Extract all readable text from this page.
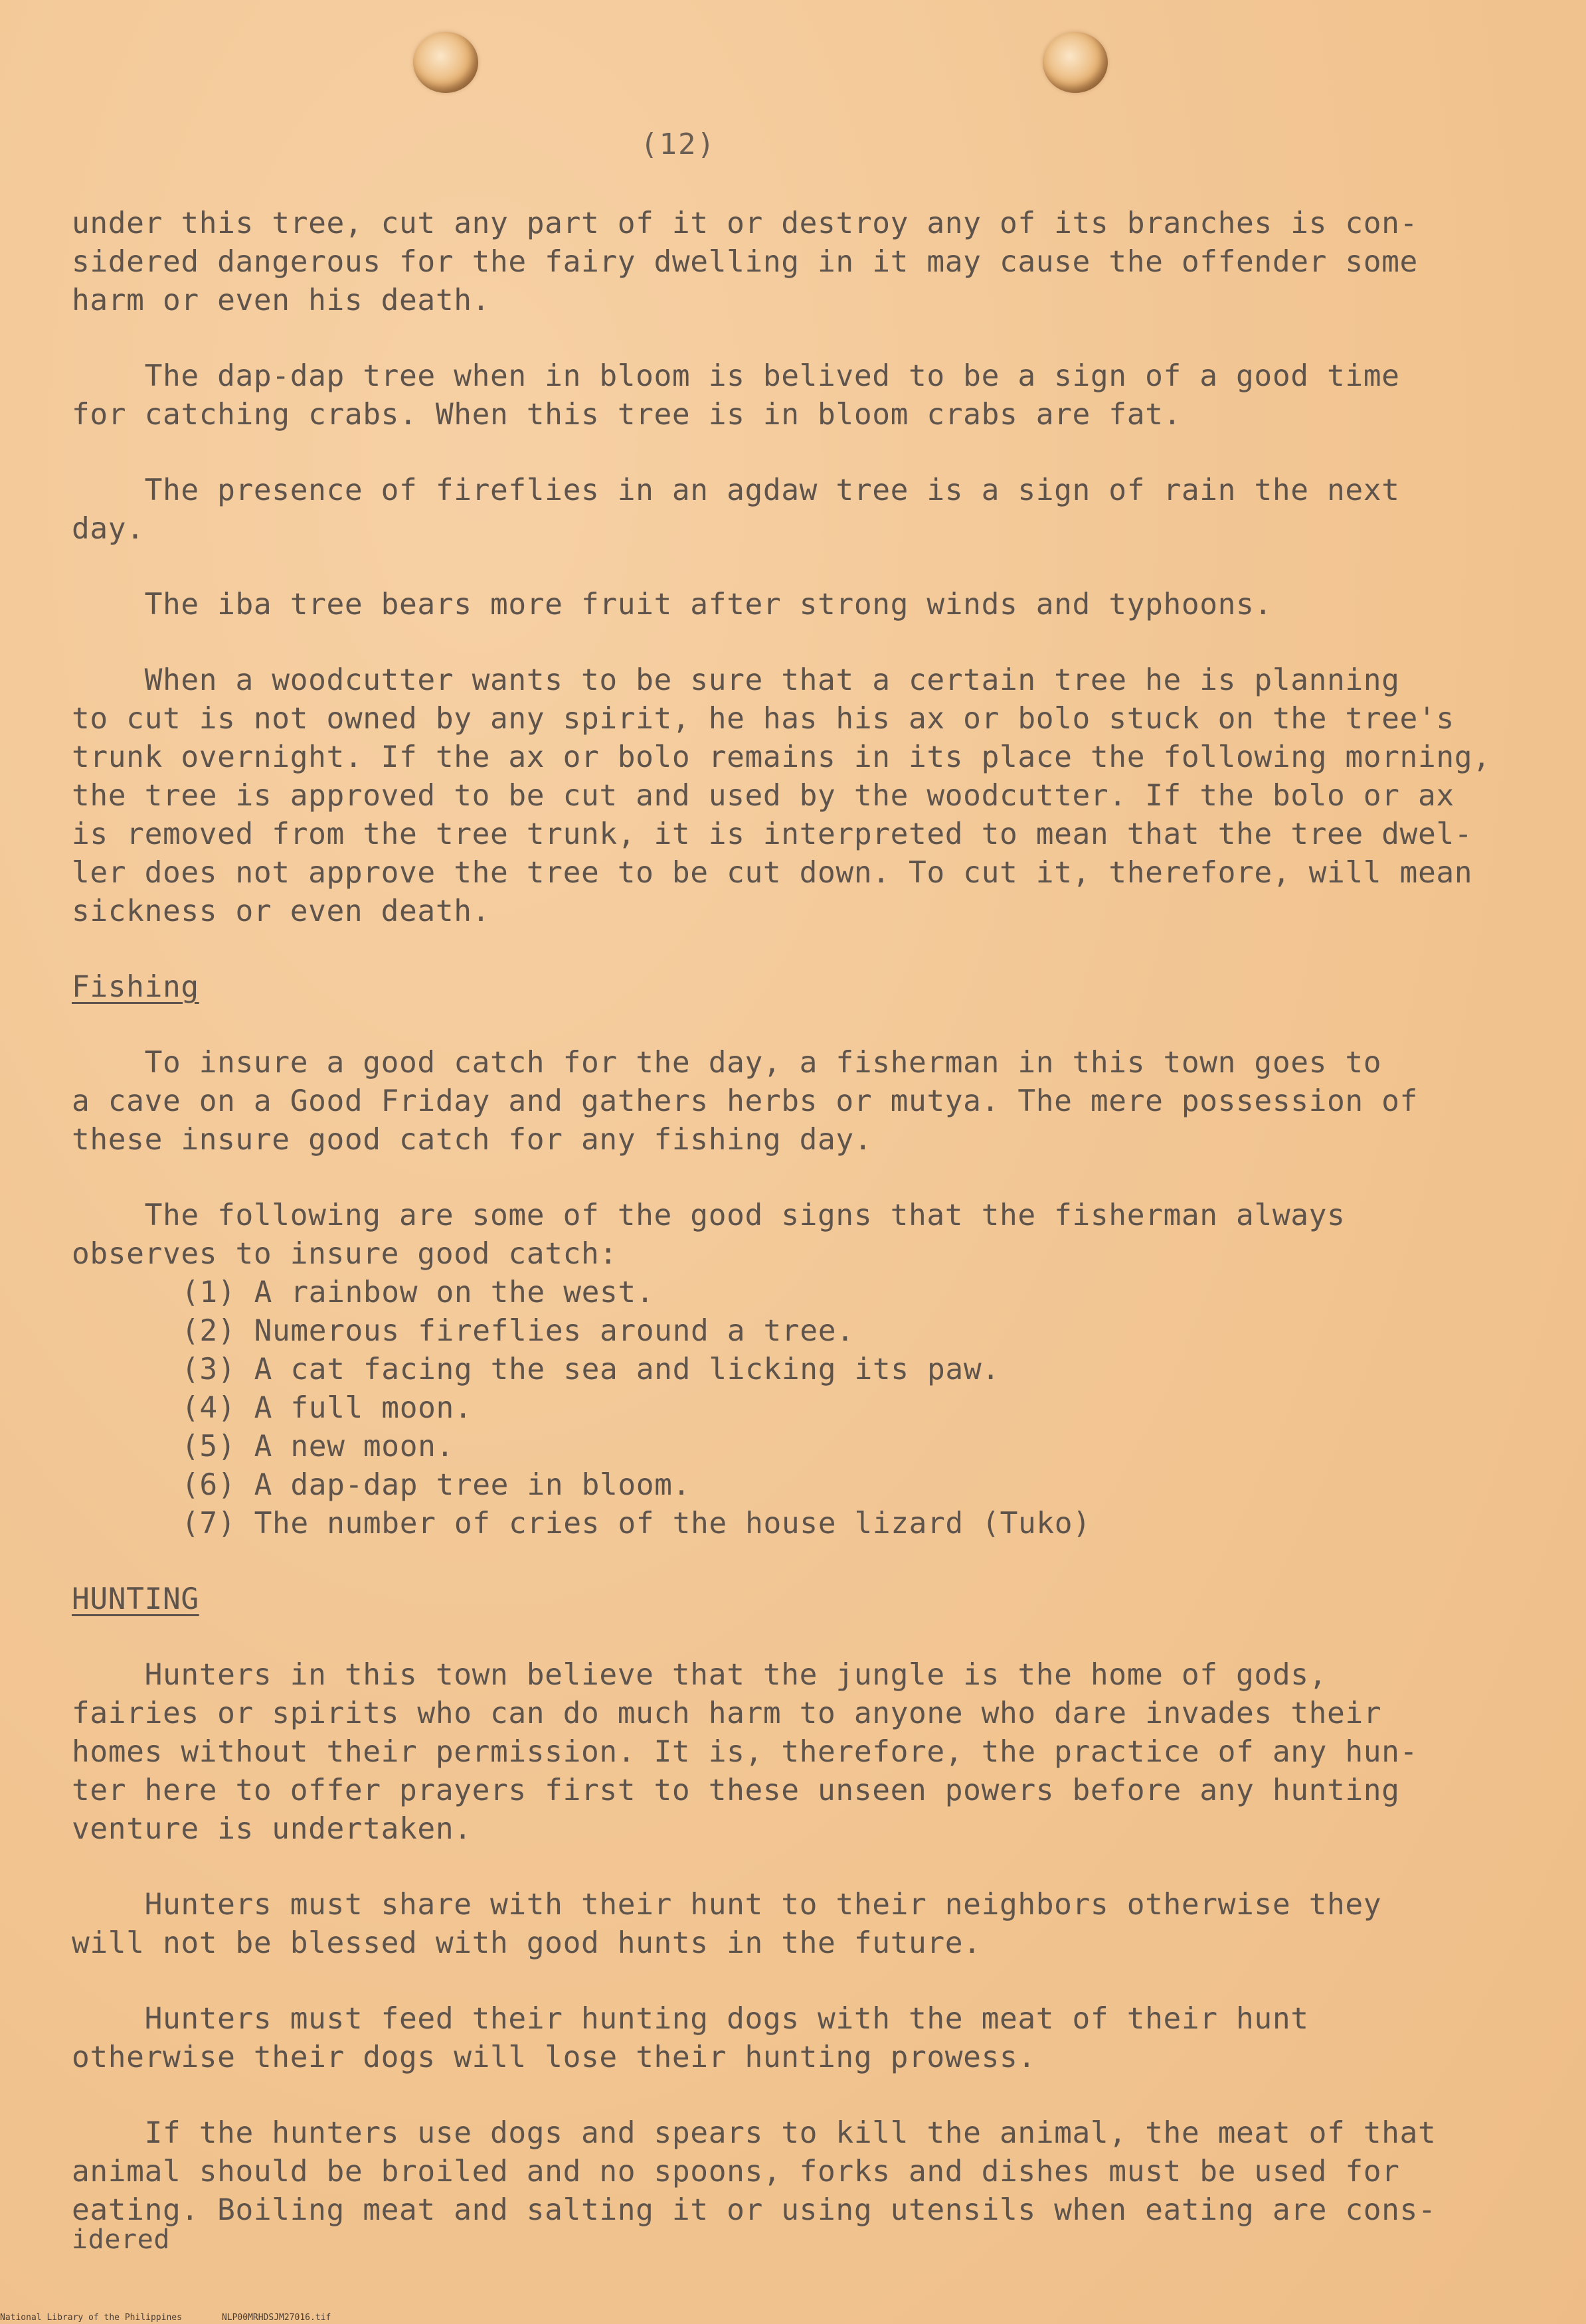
(12)

under this tree, cut any part of it or destroy any of its branches is con-

sidered dangerous for the fairy dwelling in it may cause the offender some

harm or even his death.

The dap-dap tree when in bloom is belived to be a sign of a good time

for catching crabs. When this tree is in bloom crabs are fat.

The presence of fireflies in an agdaw tree is a sign of rain the next

day.

The iba tree bears more fruit after strong winds and typhoons.

When a woodcutter wants to be sure that a certain tree he is planning

to cut is not owned by any spirit, he has his ax or bolo stuck on the tree's

trunk overnight. If the ax or bolo remains in its place the following morning,

the tree is approved to be cut and used by the woodcutter. If the bolo or ax

is removed from the tree trunk, it is interpreted to mean that the tree dwel-

ler does not approve the tree to be cut down. To cut it, therefore, will mean

sickness or even death.

Fishing

To insure a good catch for the day, a fisherman in this town goes to

a cave on a Good Friday and gathers herbs or mutya. The mere possession of

these insure good catch for any fishing day.

The following are some of the good signs that the fisherman always

observes to insure good catch:

(1) A rainbow on the west.
(2) Numerous fireflies around a tree.
(3) A cat facing the sea and licking its paw.
(4) A full moon.
(5) A new moon.
(6) A dap-dap tree in bloom.
(7) The number of cries of the house lizard (Tuko)
HUNTING

Hunters in this town believe that the jungle is the home of gods,

fairies or spirits who can do much harm to anyone who dare invades their

homes without their permission. It is, therefore, the practice of any hun-

ter here to offer prayers first to these unseen powers before any hunting

venture is undertaken.

Hunters must share with their hunt to their neighbors otherwise they

will not be blessed with good hunts in the future.

Hunters must feed their hunting dogs with the meat of their hunt

otherwise their dogs will lose their hunting prowess.

If the hunters use dogs and spears to kill the animal, the meat of that

animal should be broiled and no spoons, forks and dishes must be used for

eating. Boiling meat and salting it or using utensils when eating are cons-

idered

National Library of the Philippines	NLP00MRHDSJM27016.tif
